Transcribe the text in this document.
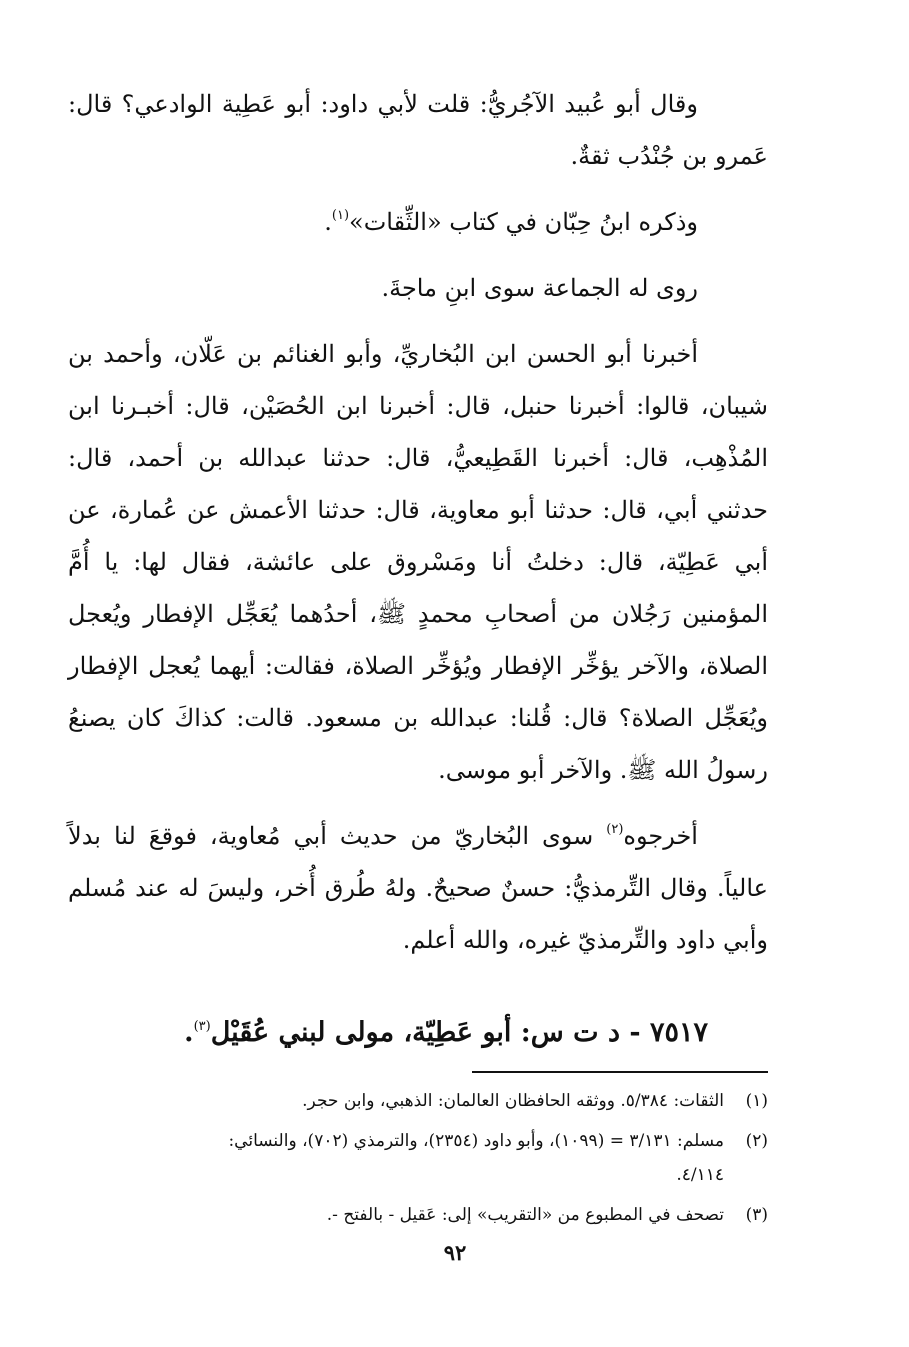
وقال أبو عُبيد الآجُريُّ: قلت لأبي داود: أبو عَطِية الوادعي؟ قال: عَمرو بن جُنْدُب ثقةٌ.

وذكره ابنُ حِبّان في كتاب «الثِّقات»$^{(١)}$.

روى له الجماعة سوى ابنِ ماجةَ.

أخبرنا أبو الحسن ابن البُخاريِّ، وأبو الغنائم بن عَلّان، وأحمد بن شيبان، قالوا: أخبرنا حنبل، قال: أخبرنا ابن الحُصَيْن، قال: أخبـرنا ابن المُذْهِب، قال: أخبرنا القَطِيعيُّ، قال: حدثنا عبدالله بن أحمد، قال: حدثني أبي، قال: حدثنا أبو معاوية، قال: حدثنا الأعمش عن عُمارة، عن أبي عَطِيّة، قال: دخلتُ أنا ومَسْروق على عائشة، فقال لها: يا أُمَّ المؤمنين رَجُلان من أصحابِ محمدٍ ﷺ، أحدُهما يُعَجِّل الإفطار ويُعجل الصلاة، والآخر يؤخِّر الإفطار ويُؤخِّر الصلاة، فقالت: أيهما يُعجل الإفطار ويُعَجِّل الصلاة؟ قال: قُلنا: عبدالله بن مسعود. قالت: كذاكَ كان يصنعُ رسولُ الله ﷺ. والآخر أبو موسى.

أخرجوه$^{(٢)}$ سوى البُخاريّ من حديث أبي مُعاوية، فوقعَ لنا بدلاً عالياً. وقال التِّرمذيُّ: حسنٌ صحيحٌ. ولهُ طُرق أُخر، وليسَ له عند مُسلم وأبي داود والتِّرمذيّ غيره، والله أعلم.

٧٥١٧ - د ت س: أبو عَطِيّة، مولى لبني عُقَيْل$^{(٣)}$.

(١)الثقات: ٥/٣٨٤. ووثقه الحافظان العالمان: الذهبي، وابن حجر.

(٢)مسلم: ٣/١٣١ = (١٠٩٩)، وأبو داود (٢٣٥٤)، والترمذي (٧٠٢)، والنسائي:

٤/١١٤.

(٣)تصحف في المطبوع من «التقريب» إلى: عَقيل - بالفتح -.

٩٢
